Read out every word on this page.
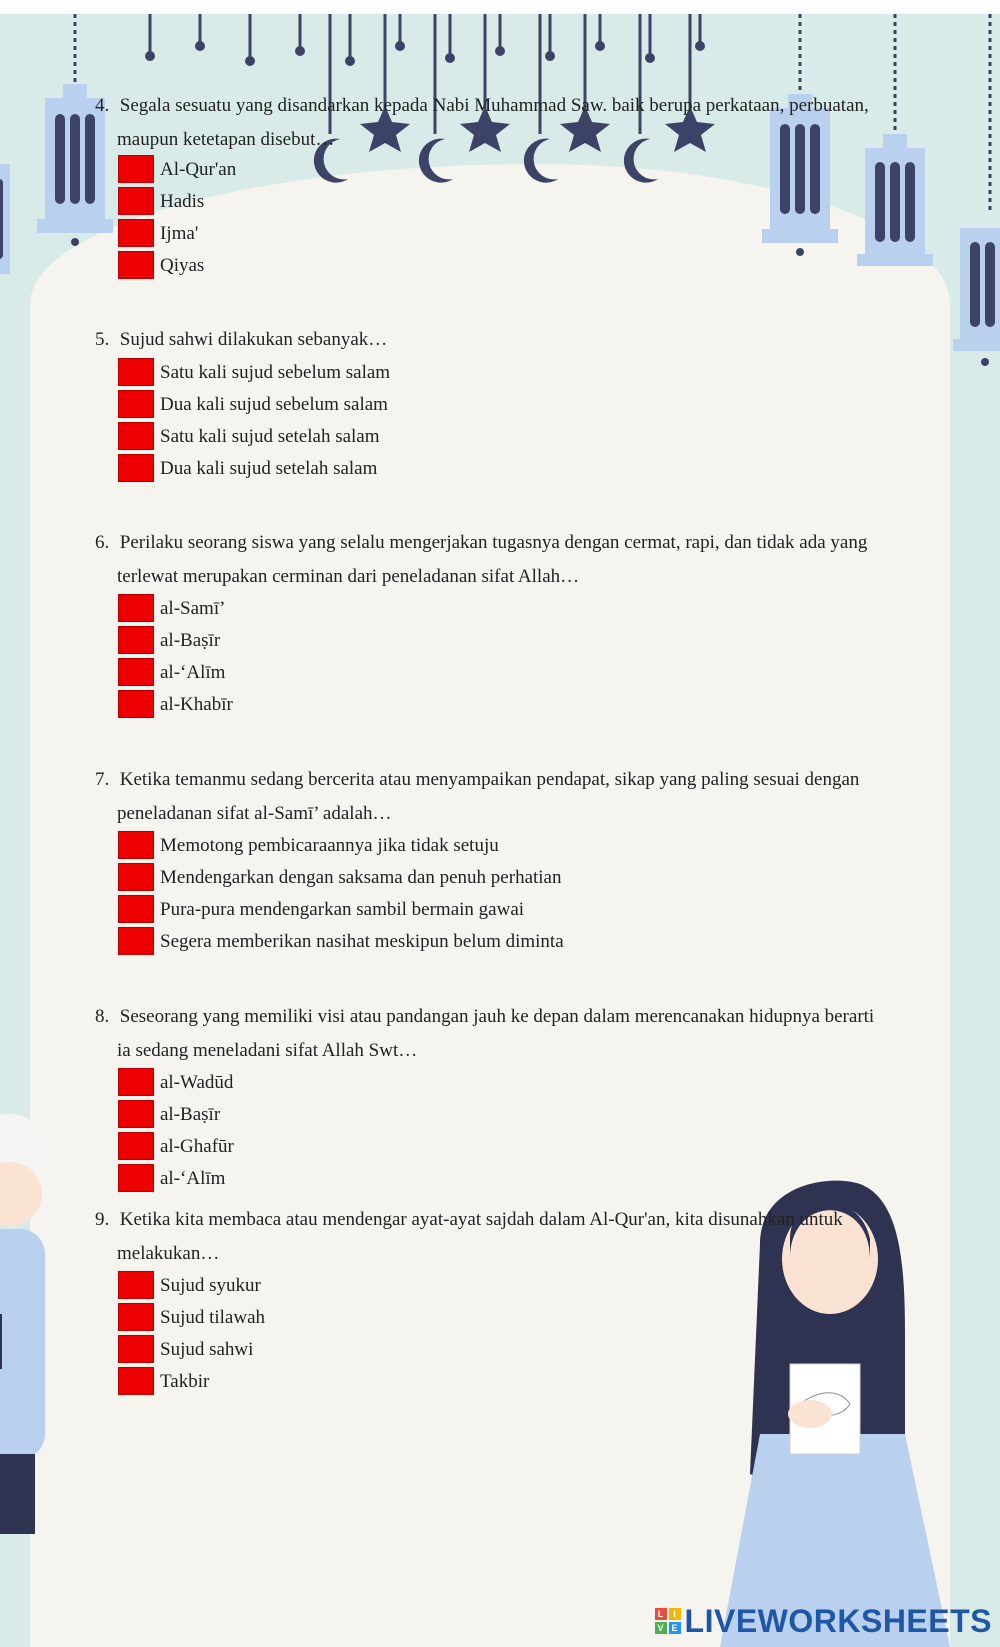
4. Segala sesuatu yang disandarkan kepada Nabi Muhammad Saw. baik berupa perkataan, perbuatan,
maupun ketetapan disebut…
Al-Qur'an
Hadis
Ijma'
Qiyas
5. Sujud sahwi dilakukan sebanyak…
Satu kali sujud sebelum salam
Dua kali sujud sebelum salam
Satu kali sujud setelah salam
Dua kali sujud setelah salam
6. Perilaku seorang siswa yang selalu mengerjakan tugasnya dengan cermat, rapi, dan tidak ada yang
terlewat merupakan cerminan dari peneladanan sifat Allah…
al-Samī’
al-Baṣīr
al-‘Alīm
al-Khabīr
7. Ketika temanmu sedang bercerita atau menyampaikan pendapat, sikap yang paling sesuai dengan
peneladanan sifat al-Samī’ adalah…
Memotong pembicaraannya jika tidak setuju
Mendengarkan dengan saksama dan penuh perhatian
Pura-pura mendengarkan sambil bermain gawai
Segera memberikan nasihat meskipun belum diminta
8. Seseorang yang memiliki visi atau pandangan jauh ke depan dalam merencanakan hidupnya berarti
ia sedang meneladani sifat Allah Swt…
al-Wadūd
al-Baṣīr
al-Ghafūr
al-‘Alīm
9. Ketika kita membaca atau mendengar ayat-ayat sajdah dalam Al-Qur'an, kita disunahkan untuk
melakukan…
Sujud syukur
Sujud tilawah
Sujud sahwi
Takbir
L	I
V E LIVEWORKSHEETS
